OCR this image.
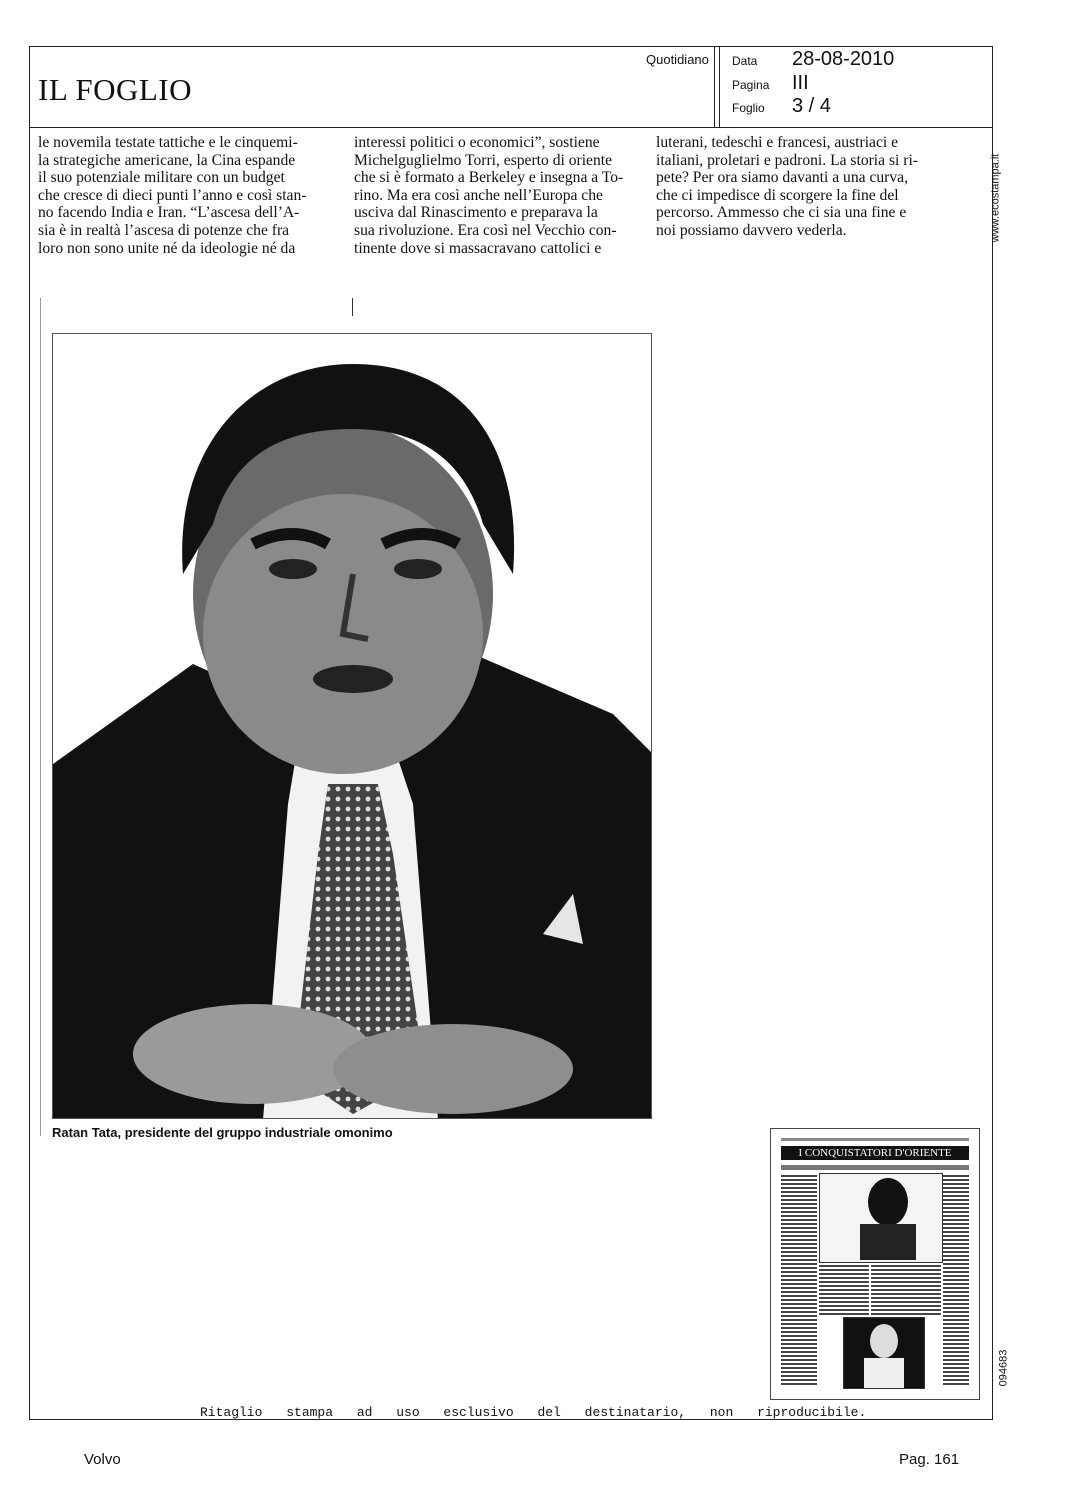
IL FOGLIO
Quotidiano Data 28-08-2010
Pagina III
Foglio 3 / 4

le novemila testate tattiche e le cinquemi-

la strategiche americane, la Cina espande

il suo potenziale militare con un budget

che cresce di dieci punti l’anno e così stan-

no facendo India e Iran. “L’ascesa dell’A-

sia è in realtà l’ascesa di potenze che fra

loro non sono unite né da ideologie né da

interessi politici o economici”, sostiene

Michelguglielmo Torri, esperto di oriente

che si è formato a Berkeley e insegna a To-

rino. Ma era così anche nell’Europa che

usciva dal Rinascimento e preparava la

sua rivoluzione. Era così nel Vecchio con-

tinente dove si massacravano cattolici e

luterani, tedeschi e francesi, austriaci e

italiani, proletari e padroni. La storia si ri-

pete? Per ora siamo davanti a una curva,

che ci impedisce di scorgere la fine del

percorso. Ammesso che ci sia una fine e

noi possiamo davvero vederla.	www.ecostampa.it
094683
Ratan Tata, presidente del gruppo industriale omonimo
I CONQUISTATORI D'ORIENTE
Ritaglio stampa ad uso esclusivo del destinatario, non riproducibile.
Volvo	Pag. 161
